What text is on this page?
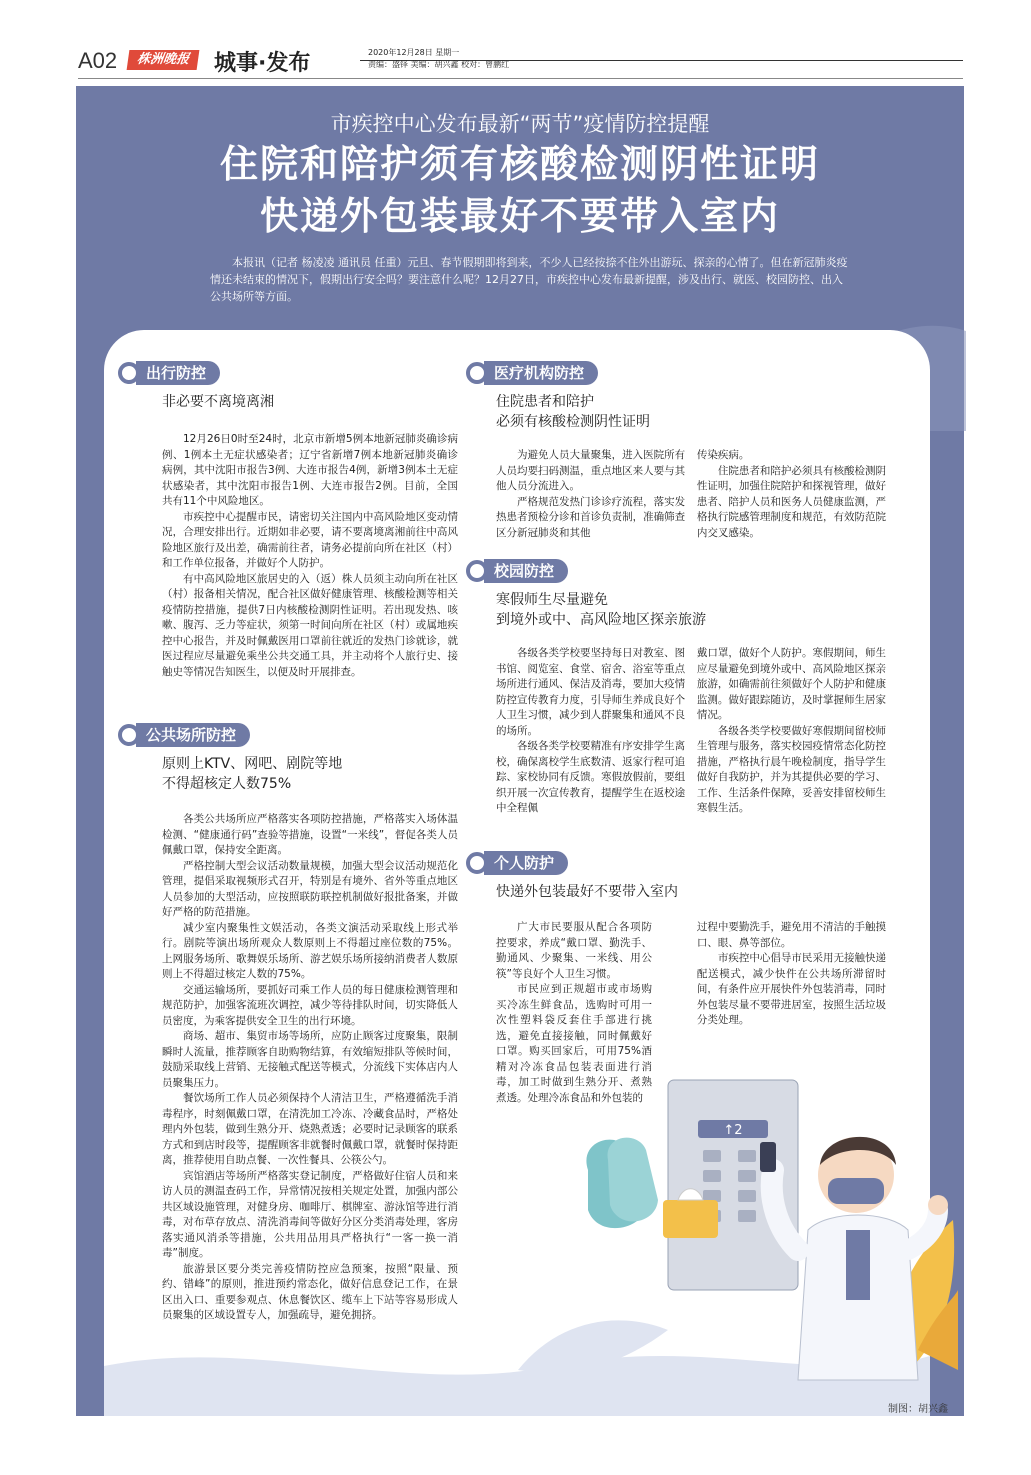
A02	株洲晚报	城事·发布	2020年12月28日 星期一
责编：盛铎 美编：胡兴鑫 校对：曾鹏红
市疾控中心发布最新“两节”疫情防控提醒
住院和陪护须有核酸检测阴性证明
快递外包装最好不要带入室内
本报讯（记者 杨凌凌 通讯员 任重）元旦、春节假期即将到来，不少人已经按捺不住外出游玩、探亲的心情了。但在新冠肺炎疫情还未结束的情况下，假期出行安全吗？要注意什么呢？12月27日，市疾控中心发布最新提醒，涉及出行、就医、校园防控、出入公共场所等方面。
出行防控
非必要不离境离湘

12月26日0时至24时，北京市新增5例本地新冠肺炎确诊病例、1例本土无症状感染者；辽宁省新增7例本地新冠肺炎确诊病例，其中沈阳市报告3例、大连市报告4例，新增3例本土无症状感染者，其中沈阳市报告1例、大连市报告2例。目前，全国共有11个中风险地区。

市疾控中心提醒市民，请密切关注国内中高风险地区变动情况，合理安排出行。近期如非必要，请不要离境离湘前往中高风险地区旅行及出差，确需前往者，请务必提前向所在社区（村）和工作单位报备，并做好个人防护。

有中高风险地区旅居史的入（返）株人员须主动向所在社区（村）报备相关情况，配合社区做好健康管理、核酸检测等相关疫情防控措施，提供7日内核酸检测阴性证明。若出现发热、咳嗽、腹泻、乏力等症状，须第一时间向所在社区（村）或属地疾控中心报告，并及时佩戴医用口罩前往就近的发热门诊就诊，就医过程应尽量避免乘坐公共交通工具，并主动将个人旅行史、接触史等情况告知医生，以便及时开展排查。

公共场所防控
原则上KTV、网吧、剧院等地
不得超核定人数75%

各类公共场所应严格落实各项防控措施，严格落实入场体温检测、“健康通行码”查验等措施，设置“一米线”，督促各类人员佩戴口罩，保持安全距离。

严格控制大型会议活动数量规模，加强大型会议活动规范化管理，提倡采取视频形式召开，特别是有境外、省外等重点地区人员参加的大型活动，应按照联防联控机制做好报批备案，并做好严格的防范措施。

减少室内聚集性文娱活动，各类文演活动采取线上形式举行。剧院等演出场所观众人数原则上不得超过座位数的75%。上网服务场所、歌舞娱乐场所、游艺娱乐场所接纳消费者人数原则上不得超过核定人数的75%。

交通运输场所，要抓好司乘工作人员的每日健康检测管理和规范防护，加强客流班次调控，减少等待排队时间，切实降低人员密度，为乘客提供安全卫生的出行环境。

商场、超市、集贸市场等场所，应防止顾客过度聚集，限制瞬时人流量，推荐顾客自助购物结算，有效缩短排队等候时间，鼓励采取线上营销、无接触式配送等模式，分流线下实体店内人员聚集压力。

餐饮场所工作人员必须保持个人清洁卫生，严格遵循洗手消毒程序，时刻佩戴口罩，在清洗加工冷冻、冷藏食品时，严格处理内外包装，做到生熟分开、烧熟煮透；必要时记录顾客的联系方式和到店时段等，提醒顾客非就餐时佩戴口罩，就餐时保持距离，推荐使用自助点餐、一次性餐具、公筷公勺。

宾馆酒店等场所严格落实登记制度，严格做好住宿人员和来访人员的测温查码工作，异常情况按相关规定处置，加强内部公共区域设施管理，对健身房、咖啡厅、棋牌室、游泳馆等进行消毒，对布草存放点、清洗消毒间等做好分区分类消毒处理，客房落实通风消杀等措施，公共用品用具严格执行“一客一换一消毒”制度。

旅游景区要分类完善疫情防控应急预案，按照“限量、预约、错峰”的原则，推进预约常态化，做好信息登记工作，在景区出入口、重要参观点、休息餐饮区、缆车上下站等容易形成人员聚集的区域设置专人，加强疏导，避免拥挤。

医疗机构防控
住院患者和陪护
必须有核酸检测阴性证明

为避免人员大量聚集，进入医院所有人员均要扫码测温，重点地区来人要与其他人员分流进入。

严格规范发热门诊诊疗流程，落实发热患者预检分诊和首诊负责制，准确筛查区分新冠肺炎和其他

传染疾病。

住院患者和陪护必须具有核酸检测阴性证明，加强住院陪护和探视管理，做好患者、陪护人员和医务人员健康监测，严格执行院感管理制度和规范，有效防范院内交叉感染。

校园防控
寒假师生尽量避免
到境外或中、高风险地区探亲旅游

各级各类学校要坚持每日对教室、图书馆、阅览室、食堂、宿舍、浴室等重点场所进行通风、保洁及消毒，要加大疫情防控宣传教育力度，引导师生养成良好个人卫生习惯，减少到人群聚集和通风不良的场所。

各级各类学校要精准有序安排学生离校，确保离校学生底数清、返家行程可追踪、家校协同有反馈。寒假放假前，要组织开展一次宣传教育，提醒学生在返校途中全程佩

戴口罩，做好个人防护。寒假期间，师生应尽量避免到境外或中、高风险地区探亲旅游，如确需前往须做好个人防护和健康监测。做好跟踪随访，及时掌握师生居家情况。

各级各类学校要做好寒假期间留校师生管理与服务，落实校园疫情常态化防控措施，严格执行晨午晚检制度，指导学生做好自我防护，并为其提供必要的学习、工作、生活条件保障，妥善安排留校师生寒假生活。

个人防护
快递外包装最好不要带入室内

广大市民要服从配合各项防控要求，养成“戴口罩、勤洗手、勤通风、少聚集、一米线、用公筷”等良好个人卫生习惯。

市民应到正规超市或市场购买冷冻生鲜食品，选购时可用一次性塑料袋反套住手部进行挑选，避免直接接触，同时佩戴好口罩。购买回家后，可用75%酒精对冷冻食品包装表面进行消毒，加工时做到生熟分开、煮熟煮透。处理冷冻食品和外包装的

过程中要勤洗手，避免用不清洁的手触摸口、眼、鼻等部位。

市疾控中心倡导市民采用无接触快递配送模式，减少快件在公共场所滞留时间，有条件应开展快件外包装消毒，同时外包装尽量不要带进居室，按照生活垃圾分类处理。

↑2
制图：胡兴鑫
